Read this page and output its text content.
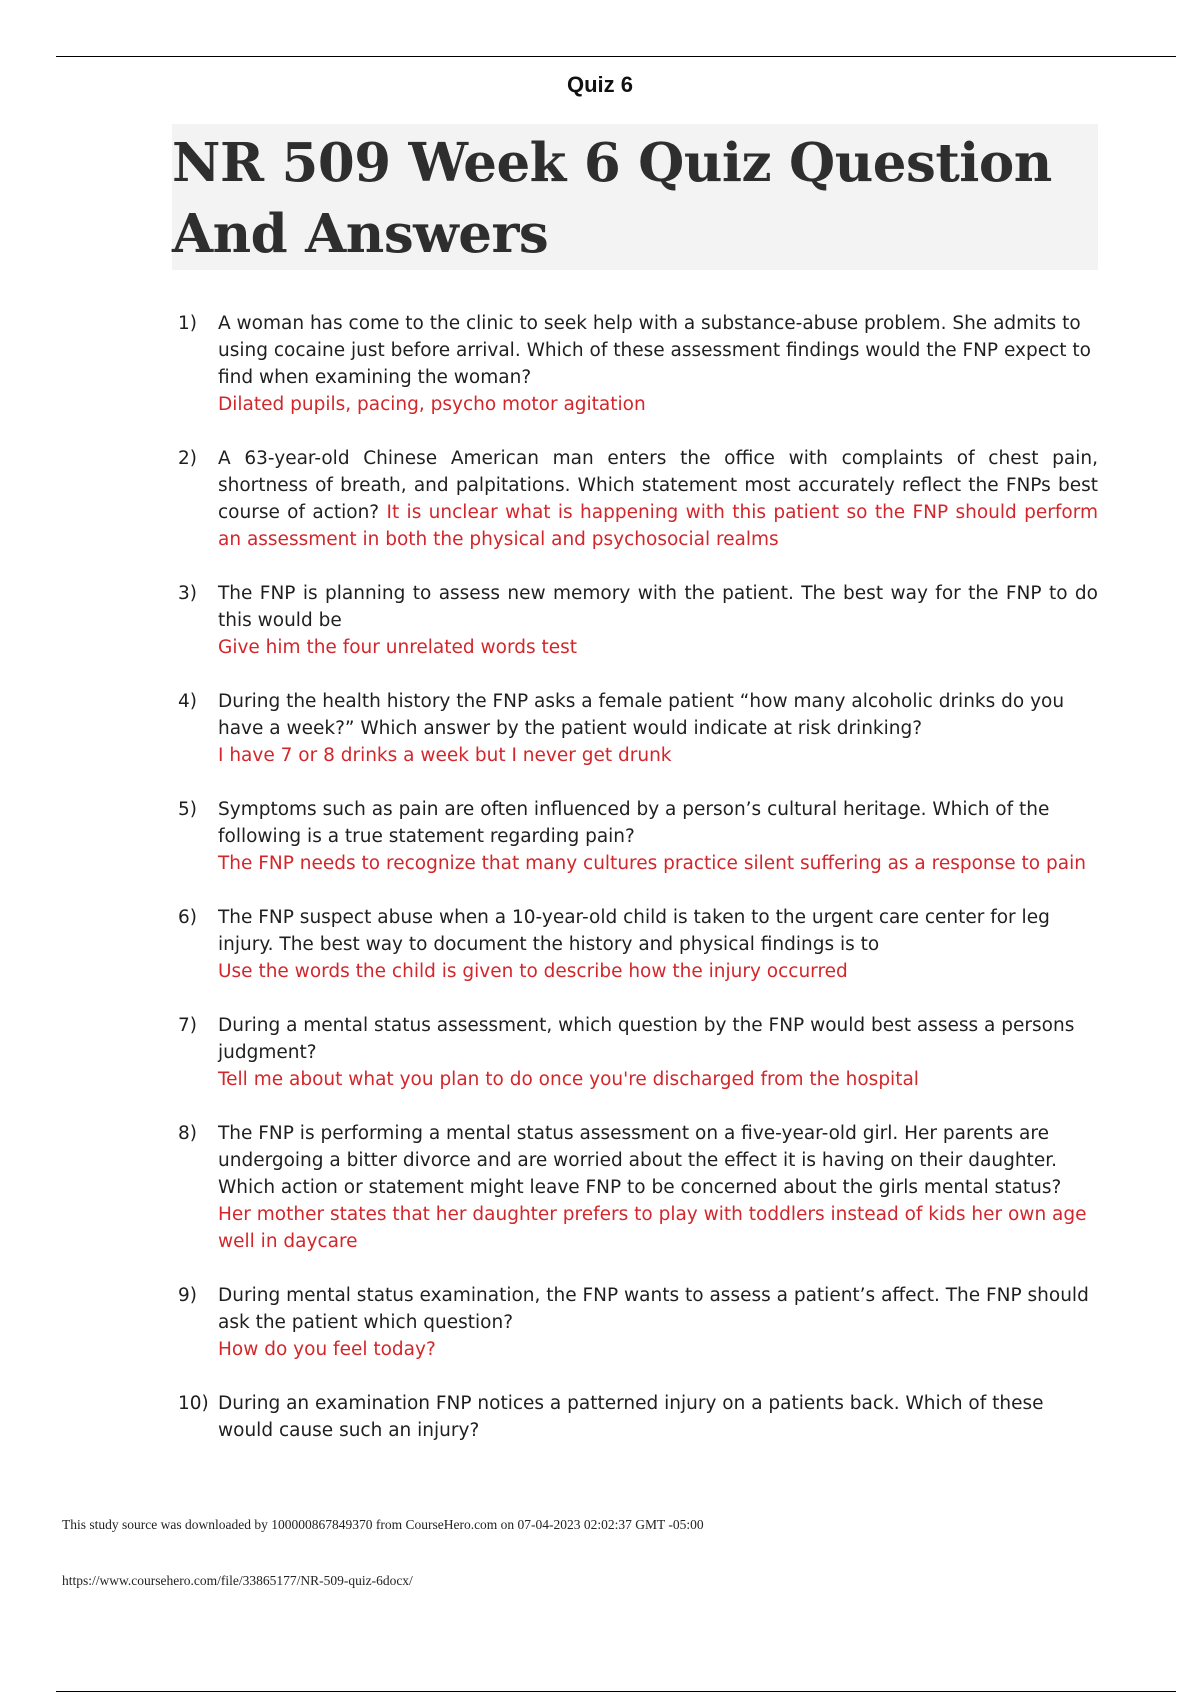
Quiz 6
NR 509 Week 6 Quiz Question And Answers
1)	A woman has come to the clinic to seek help with a substance-abuse problem. She admits to using cocaine just before arrival. Which of these assessment findings would the FNP expect to find when examining the woman?
Dilated pupils, pacing, psycho motor agitation
2)	A 63-year-old Chinese American man enters the office with complaints of chest pain, shortness of breath, and palpitations. Which statement most accurately reflect the FNPs best course of action? It is unclear what is happening with this patient so the FNP should perform an assessment in both the physical and psychosocial realms
3)	The FNP is planning to assess new memory with the patient. The best way for the FNP to do this would be
Give him the four unrelated words test
4)	During the health history the FNP asks a female patient “how many alcoholic drinks do you have a week?” Which answer by the patient would indicate at risk drinking?
I have 7 or 8 drinks a week but I never get drunk
5)	Symptoms such as pain are often influenced by a person’s cultural heritage. Which of the following is a true statement regarding pain?
The FNP needs to recognize that many cultures practice silent suffering as a response to pain
6)	The FNP suspect abuse when a 10-year-old child is taken to the urgent care center for leg injury. The best way to document the history and physical findings is to
Use the words the child is given to describe how the injury occurred
7)	During a mental status assessment, which question by the FNP would best assess a persons judgment?
Tell me about what you plan to do once you're discharged from the hospital
8)	The FNP is performing a mental status assessment on a five-year-old girl. Her parents are undergoing a bitter divorce and are worried about the effect it is having on their daughter. Which action or statement might leave FNP to be concerned about the girls mental status?
Her mother states that her daughter prefers to play with toddlers instead of kids her own age well in daycare
9)	During mental status examination, the FNP wants to assess a patient’s affect. The FNP should ask the patient which question?
How do you feel today?
10) During an examination FNP notices a patterned injury on a patients back. Which of these would cause such an injury?
This study source was downloaded by 100000867849370 from CourseHero.com on 07-04-2023 02:02:37 GMT -05:00
https://www.coursehero.com/file/33865177/NR-509-quiz-6docx/
